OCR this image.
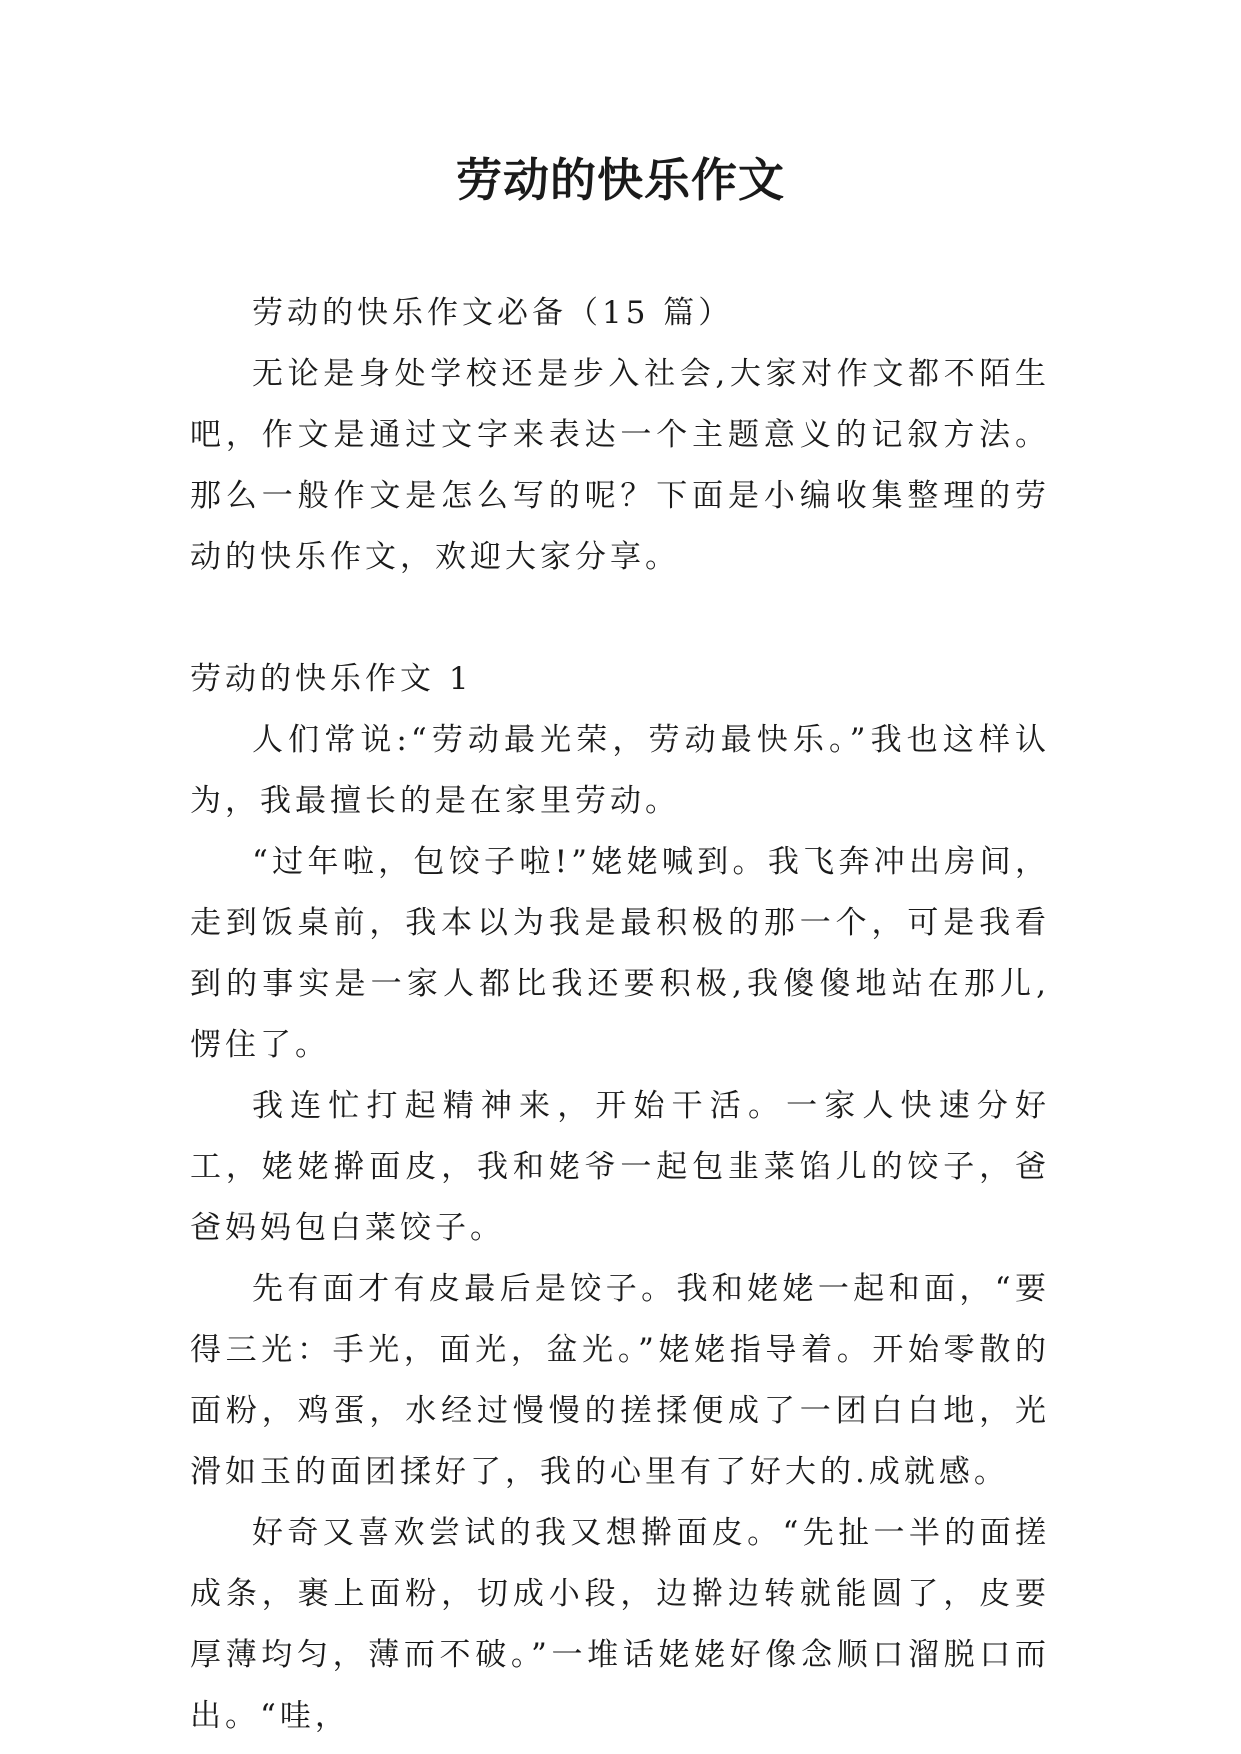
劳动的快乐作文

劳动的快乐作文必备（15 篇）

无论是身处学校还是步入社会,大家对作文都不陌生吧，作文是通过文字来表达一个主题意义的记叙方法。那么一般作文是怎么写的呢？下面是小编收集整理的劳动的快乐作文，欢迎大家分享。

劳动的快乐作文 1

人们常说:“劳动最光荣，劳动最快乐。”我也这样认为，我最擅长的是在家里劳动。

“过年啦，包饺子啦!”姥姥喊到。我飞奔冲出房间，走到饭桌前，我本以为我是最积极的那一个，可是我看到的事实是一家人都比我还要积极,我傻傻地站在那儿,愣住了。

我连忙打起精神来，开始干活。一家人快速分好工，姥姥擀面皮，我和姥爷一起包韭菜馅儿的饺子，爸爸妈妈包白菜饺子。

先有面才有皮最后是饺子。我和姥姥一起和面，“要得三光：手光，面光，盆光。”姥姥指导着。开始零散的面粉，鸡蛋，水经过慢慢的搓揉便成了一团白白地，光滑如玉的面团揉好了，我的心里有了好大的.成就感。

好奇又喜欢尝试的我又想擀面皮。“先扯一半的面搓成条，裹上面粉，切成小段，边擀边转就能圆了，皮要厚薄均匀，薄而不破。”一堆话姥姥好像念顺口溜脱口而出。“哇，
